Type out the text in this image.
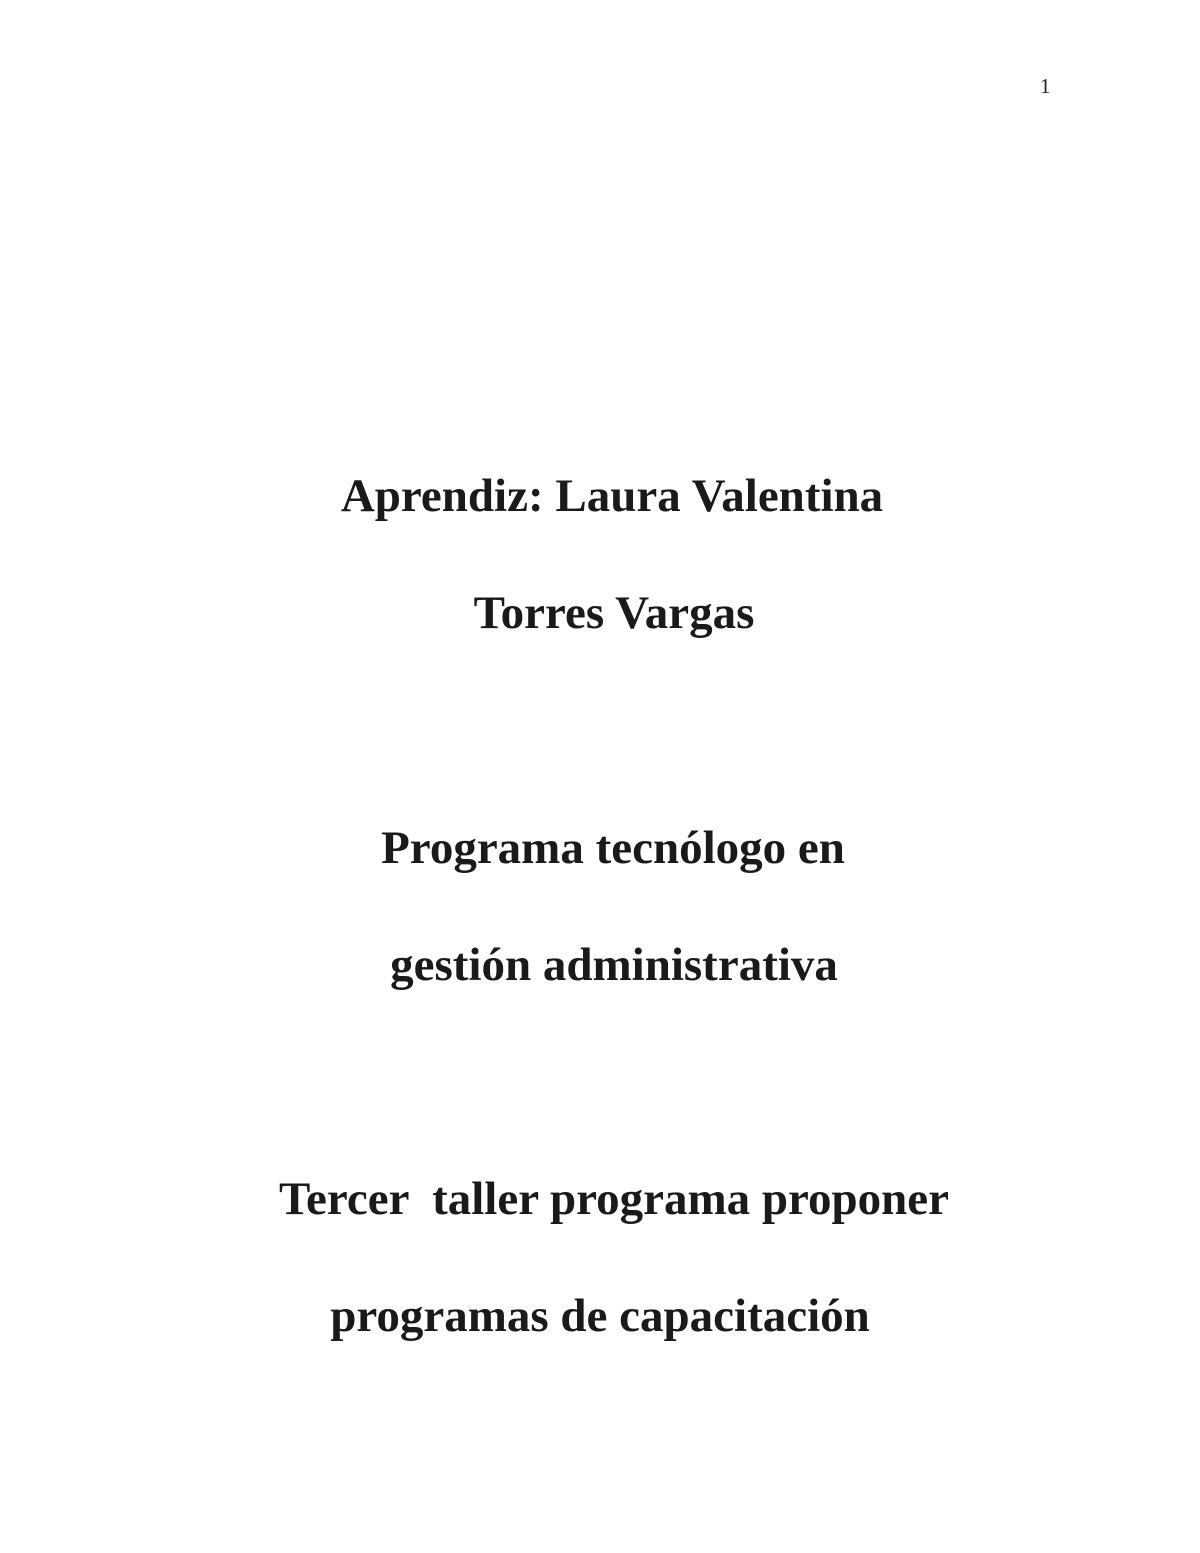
1
Aprendiz: Laura Valentina
Torres Vargas
Programa tecnólogo en
gestión administrativa
Tercer  taller programa proponer
programas de capacitación
